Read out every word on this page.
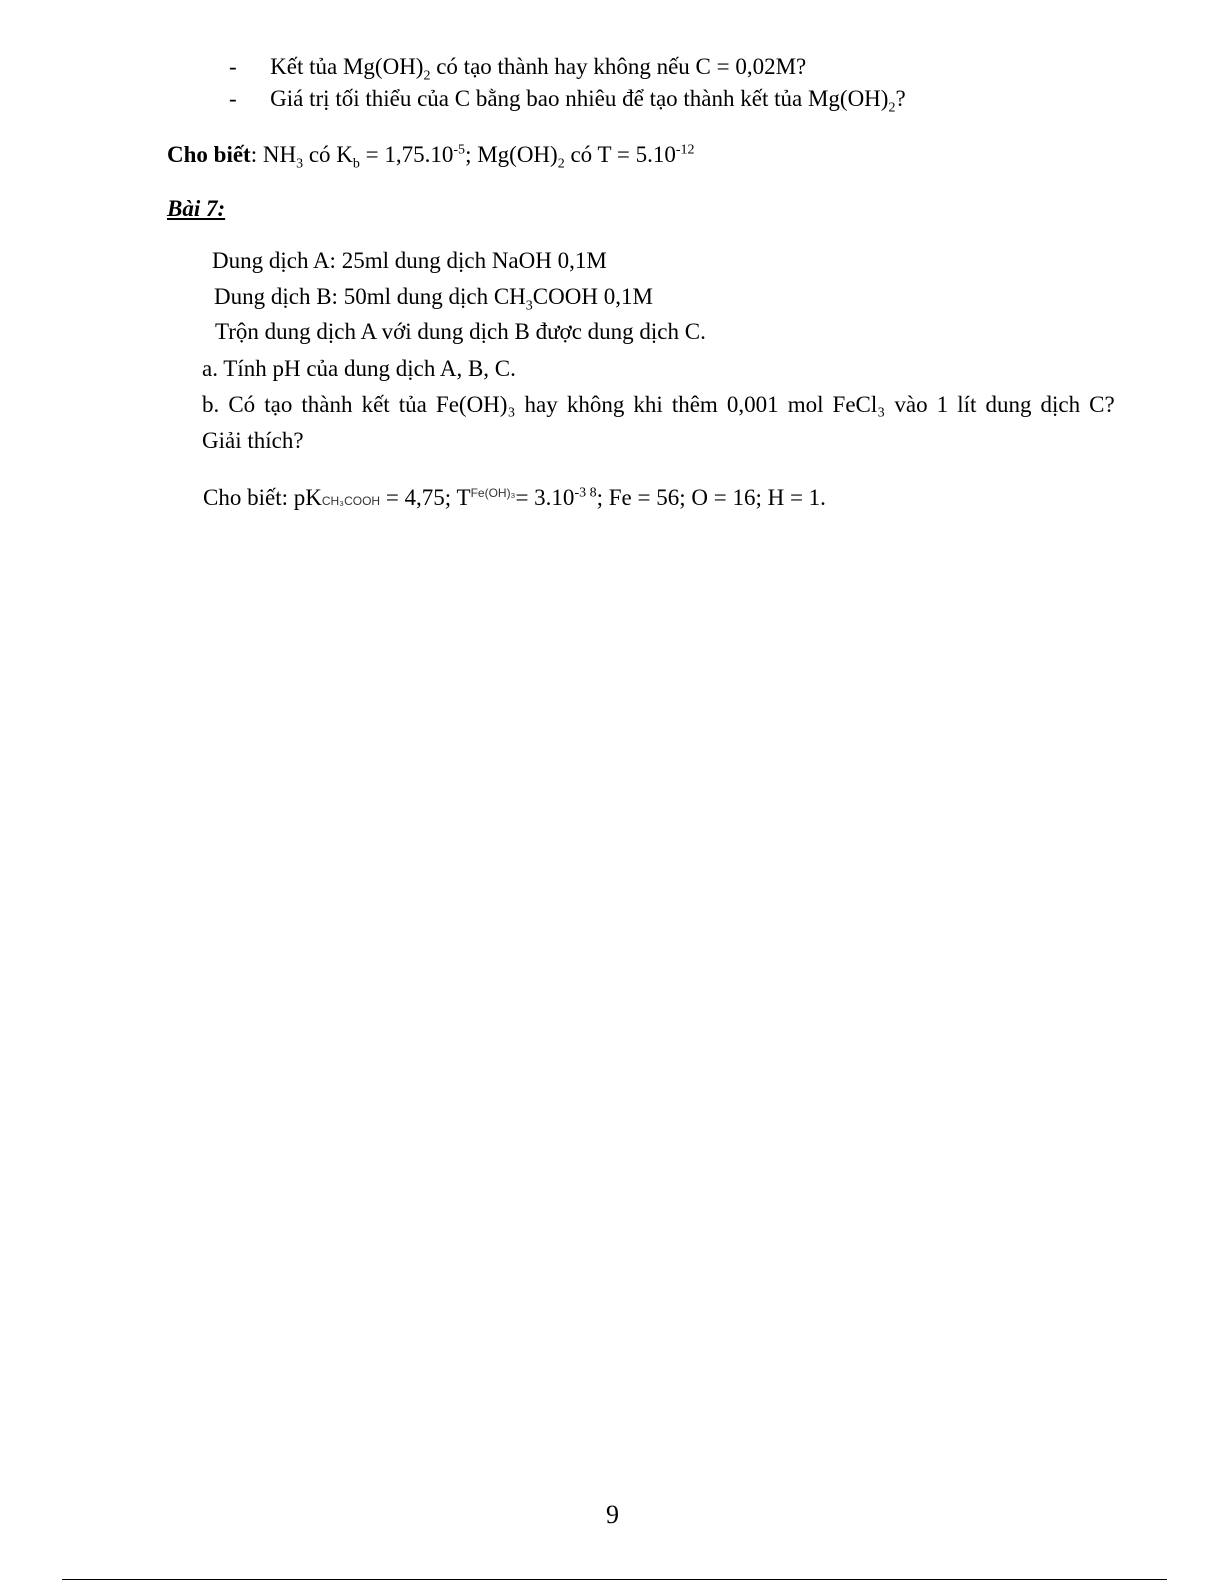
- Kết tủa $Mg(OH)_2$ có tạo thành hay không nếu C = 0,02M?
- Giá trị tối thiểu của C bằng bao nhiêu để tạo thành kết tủa $Mg(OH)_2$?
Cho biết: $NH_3$ có $K_b = 1,75.10^{-5}$; $Mg(OH)_2$ có $T = 5.10^{-12}$
Bài 7:
Dung dịch A: 25ml dung dịch NaOH 0,1M
Dung dịch B: 50ml dung dịch $CH_3COOH$ 0,1M
Trộn dung dịch A với dung dịch B được dung dịch C.
a. Tính pH của dung dịch A, B, C.
b. Có tạo thành kết tủa Fe(OH)₃ hay không khi thêm 0,001 mol FeCl₃ vào 1 lít dung dịch C?
Giải thích?
Cho biết: pKCH₃COOH = 4,75; $T^{Fe(OH)_3}= 3.10^{-3 8}$; Fe = 56; O = 16; H = 1.
9
